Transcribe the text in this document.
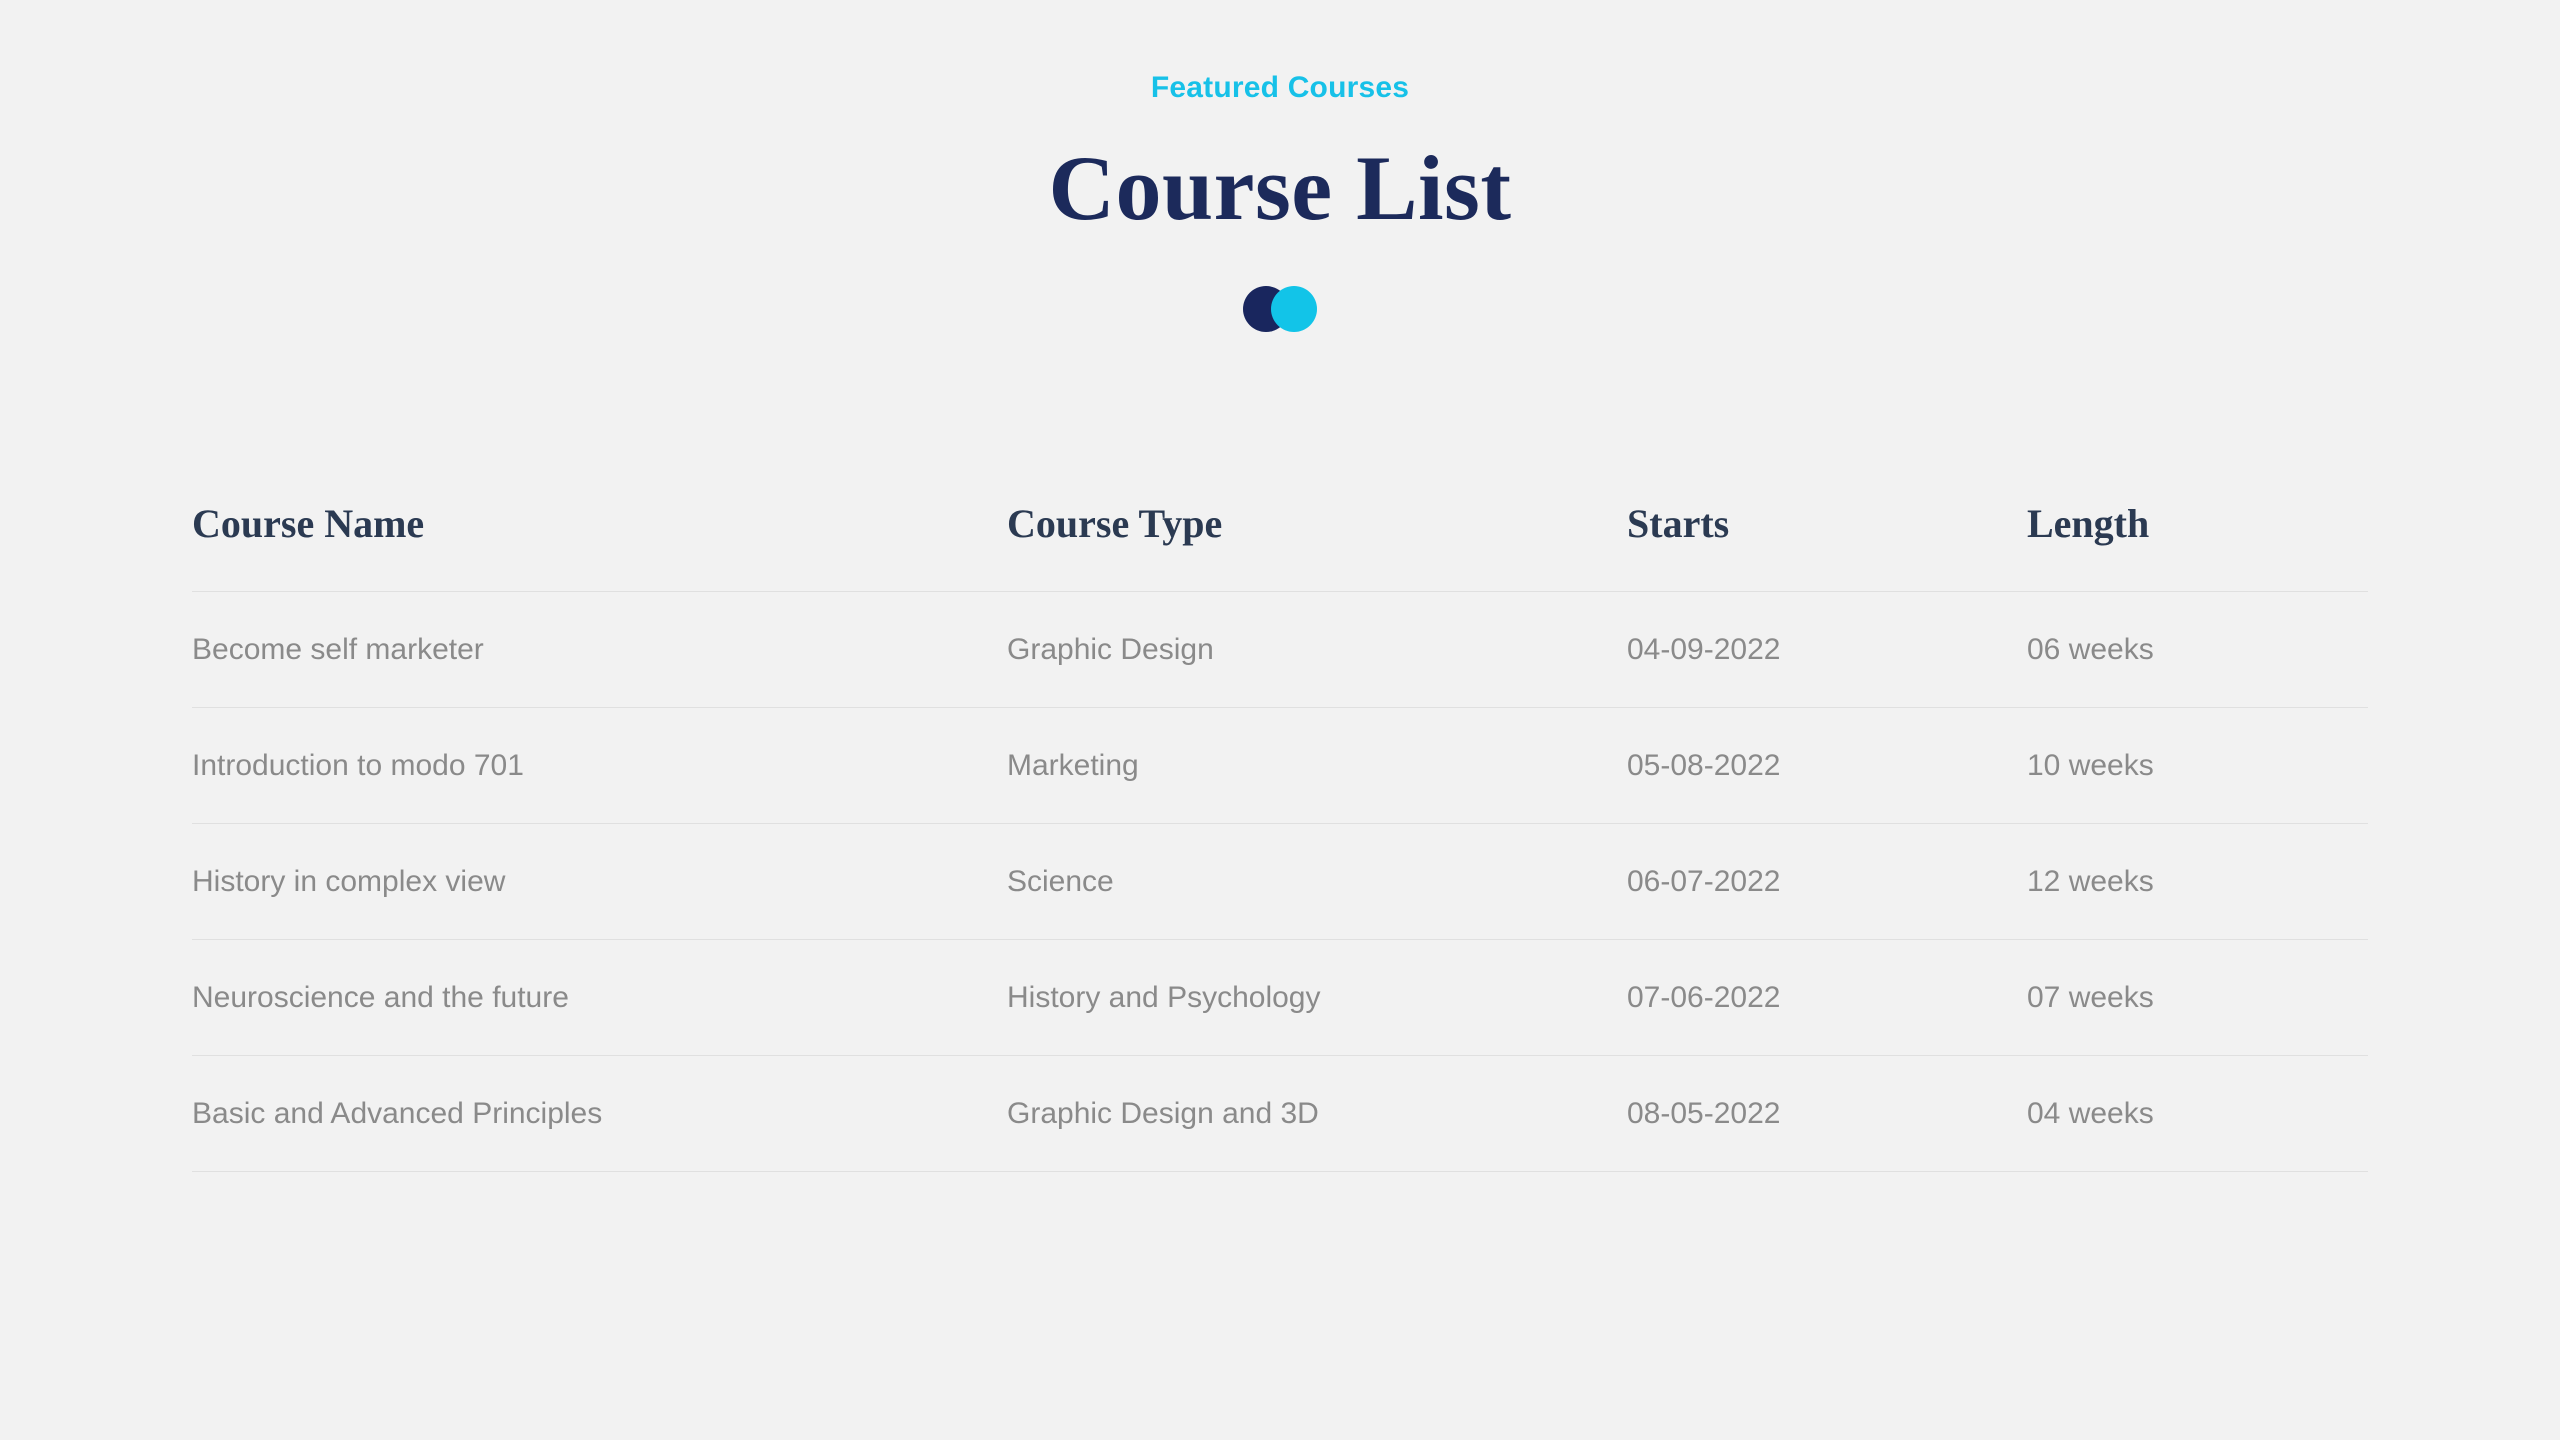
Featured Courses
Course List
Course Name	Course Type	Starts	Length
Become self marketer	Graphic Design	04-09-2022	06 weeks
Introduction to modo 701	Marketing	05-08-2022	10 weeks
History in complex view	Science	06-07-2022	12 weeks
Neuroscience and the future	History and Psychology	07-06-2022	07 weeks
Basic and Advanced Principles	Graphic Design and 3D	08-05-2022	04 weeks
